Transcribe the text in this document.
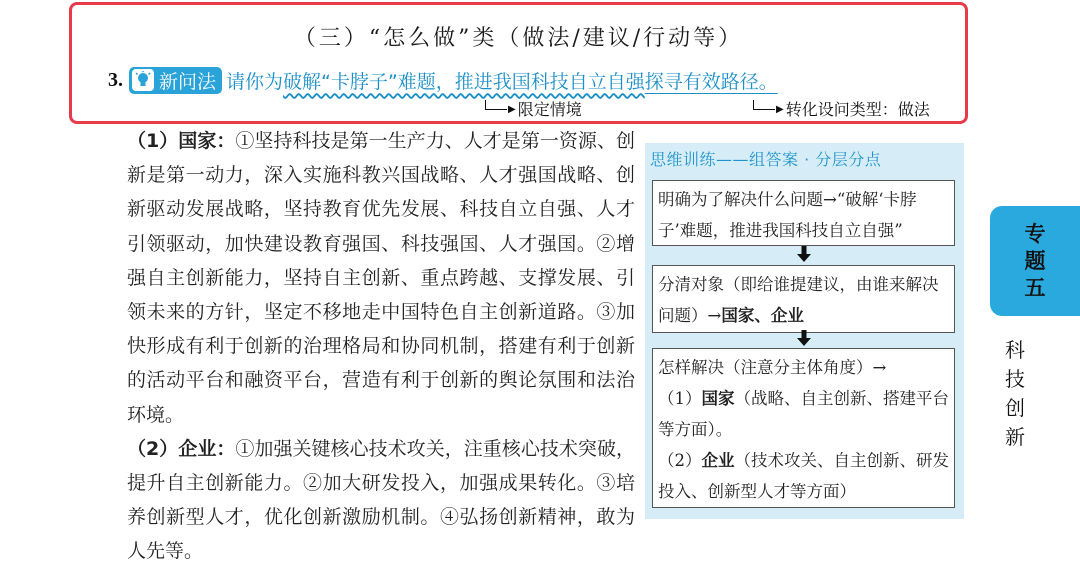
（三）“怎么做”类（做法/建议/行动等）
3. 新问法 请你为破解“卡脖子”难题，推进我国科技自立自强探寻有效路径。
▶ 限定情境	▶ 转化设问类型：做法

（1）国家：①坚持科技是第一生产力、人才是第一资源、创新是第一动力，深入实施科教兴国战略、人才强国战略、创新驱动发展战略，坚持教育优先发展、科技自立自强、人才引领驱动，加快建设教育强国、科技强国、人才强国。②增强自主创新能力，坚持自主创新、重点跨越、支撑发展、引领未来的方针，坚定不移地走中国特色自主创新道路。③加快形成有利于创新的治理格局和协同机制，搭建有利于创新的活动平台和融资平台，营造有利于创新的舆论氛围和法治环境。

（2）企业：①加强关键核心技术攻关，注重核心技术突破，提升自主创新能力。②加大研发投入，加强成果转化。③培养创新型人才，优化创新激励机制。④弘扬创新精神，敢为人先等。

思维训练——组答案 · 分层分点
明确为了解决什么问题→“破解‘卡脖子’难题，推进我国科技自立自强”
分清对象（即给谁提建议，由谁来解决问题）→国家、企业
怎样解决（注意分主体角度）→
（1）国家（战略、自主创新、搭建平台等方面）。
（2）企业（技术攻关、自主创新、研发投入、创新型人才等方面）
专
题
五
科
技
创
新
